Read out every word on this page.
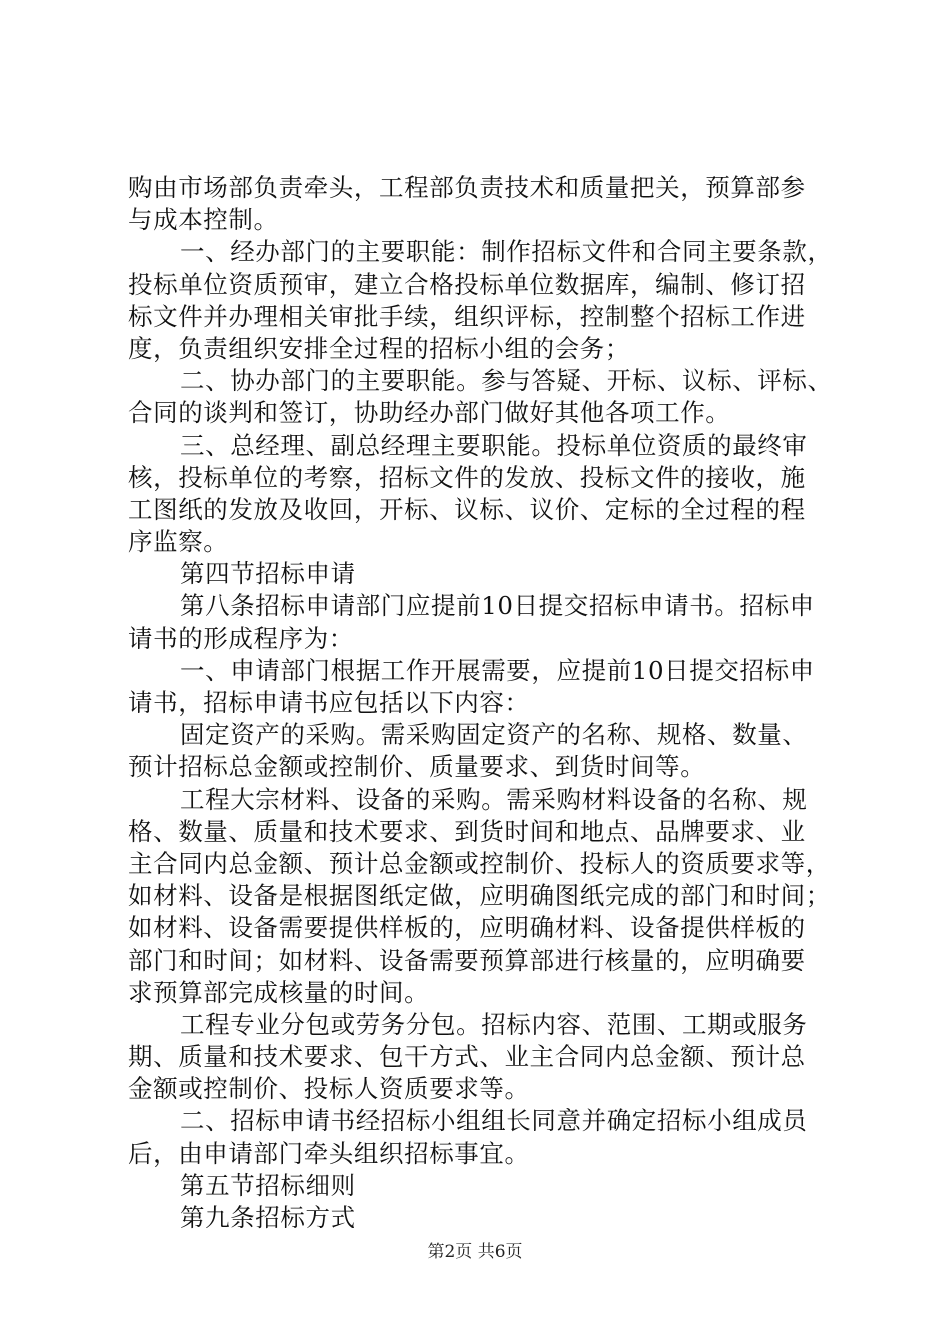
购由市场部负责牵头，工程部负责技术和质量把关，预算部参
与成本控制。
一、经办部门的主要职能：制作招标文件和合同主要条款，
投标单位资质预审，建立合格投标单位数据库，编制、修订招
标文件并办理相关审批手续，组织评标，控制整个招标工作进
度，负责组织安排全过程的招标小组的会务；
二、协办部门的主要职能。参与答疑、开标、议标、评标、
合同的谈判和签订，协助经办部门做好其他各项工作。
三、总经理、副总经理主要职能。投标单位资质的最终审
核，投标单位的考察，招标文件的发放、投标文件的接收，施
工图纸的发放及收回，开标、议标、议价、定标的全过程的程
序监察。
第四节招标申请
第八条招标申请部门应提前10日提交招标申请书。招标申
请书的形成程序为：
一、申请部门根据工作开展需要，应提前10日提交招标申
请书，招标申请书应包括以下内容：
固定资产的采购。需采购固定资产的名称、规格、数量、
预计招标总金额或控制价、质量要求、到货时间等。
工程大宗材料、设备的采购。需采购材料设备的名称、规
格、数量、质量和技术要求、到货时间和地点、品牌要求、业
主合同内总金额、预计总金额或控制价、投标人的资质要求等，
如材料、设备是根据图纸定做，应明确图纸完成的部门和时间；
如材料、设备需要提供样板的，应明确材料、设备提供样板的
部门和时间；如材料、设备需要预算部进行核量的，应明确要
求预算部完成核量的时间。
工程专业分包或劳务分包。招标内容、范围、工期或服务
期、质量和技术要求、包干方式、业主合同内总金额、预计总
金额或控制价、投标人资质要求等。
二、招标申请书经招标小组组长同意并确定招标小组成员
后，由申请部门牵头组织招标事宜。
第五节招标细则
第九条招标方式
第2页 共6页
